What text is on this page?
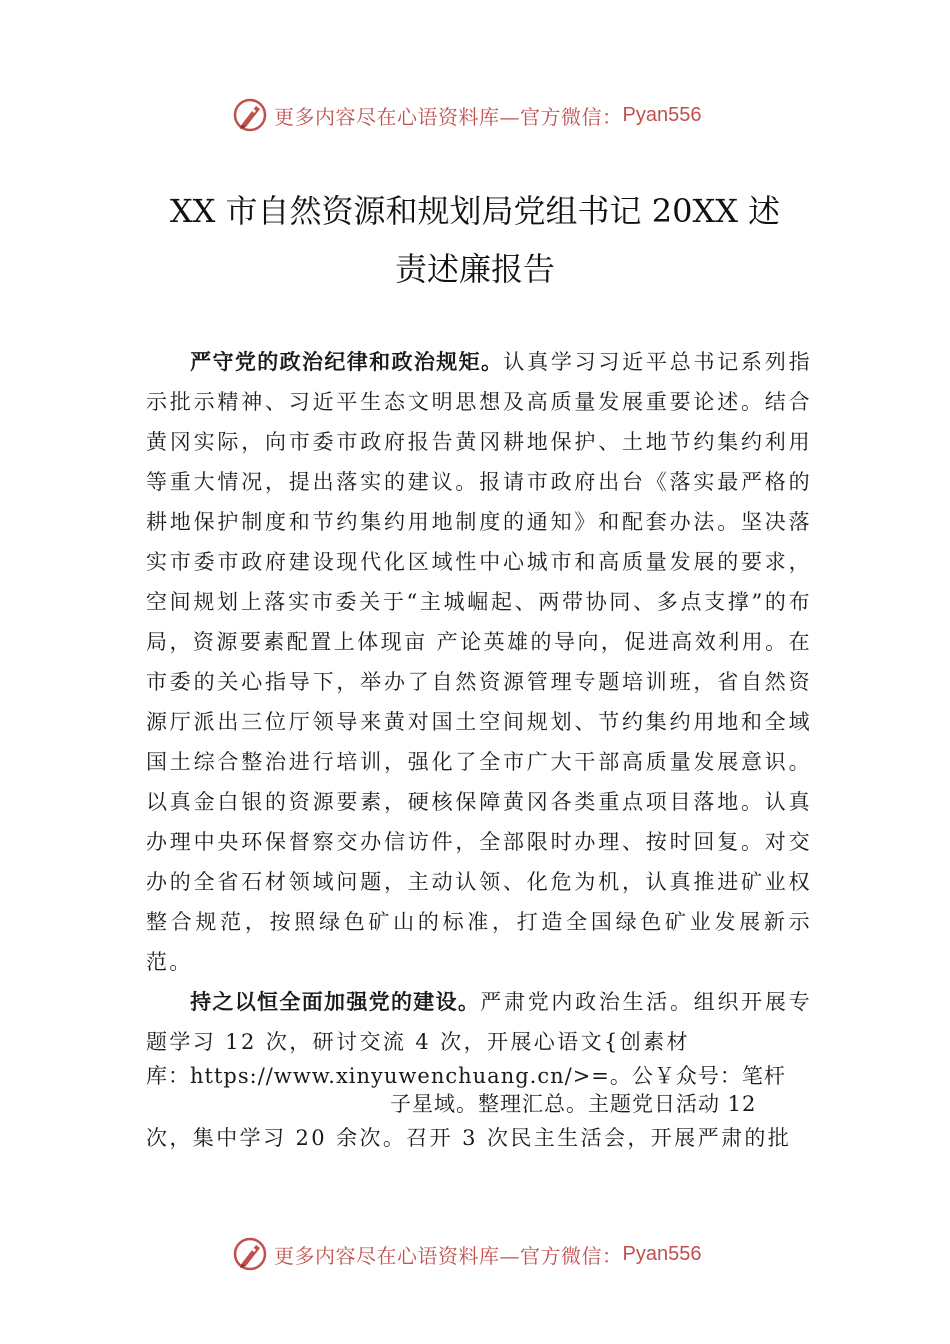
更多内容尽在心语资料库—官方微信： Pyan556
XX 市自然资源和规划局党组书记 20XX 述
责述廉报告

严守党的政治纪律和政治规矩。认真学习习近平总书记系列指示批示精神、习近平生态文明思想及高质量发展重要论述。结合黄冈实际，向市委市政府报告黄冈耕地保护、土地节约集约利用等重大情况，提出落实的建议。报请市政府出台《落实最严格的耕地保护制度和节约集约用地制度的通知》和配套办法。坚决落实市委市政府建设现代化区域性中心城市和高质量发展的要求，空间规划上落实市委关于“主城崛起、两带协同、多点支撑”的布局，资源要素配置上体现亩 产论英雄的导向，促进高效利用。在市委的关心指导下，举办了自然资源管理专题培训班，省自然资源厅派出三位厅领导来黄对国土空间规划、节约集约用地和全域国土综合整治进行培训，强化了全市广大干部高质量发展意识。以真金白银的资源要素，硬核保障黄冈各类重点项目落地。认真办理中央环保督察交办信访件，全部限时办理、按时回复。对交办的全省石材领域问题，主动认领、化危为机，认真推进矿业权整合规范，按照绿色矿山的标准，打造全国绿色矿业发展新示范。

持之以恒全面加强党的建设。严肃党内政治生活。组织开展专题学习 12 次，研讨交流 4 次，开展心语文{创素材
库：https://www.xinyuwenchuang.cn/>=。公￥众号：笔杆
子星域。整理汇总。主题党日活动 12
次，集中学习 20 余次。召开 3 次民主生活会，开展严肃的批

更多内容尽在心语资料库—官方微信： Pyan556
